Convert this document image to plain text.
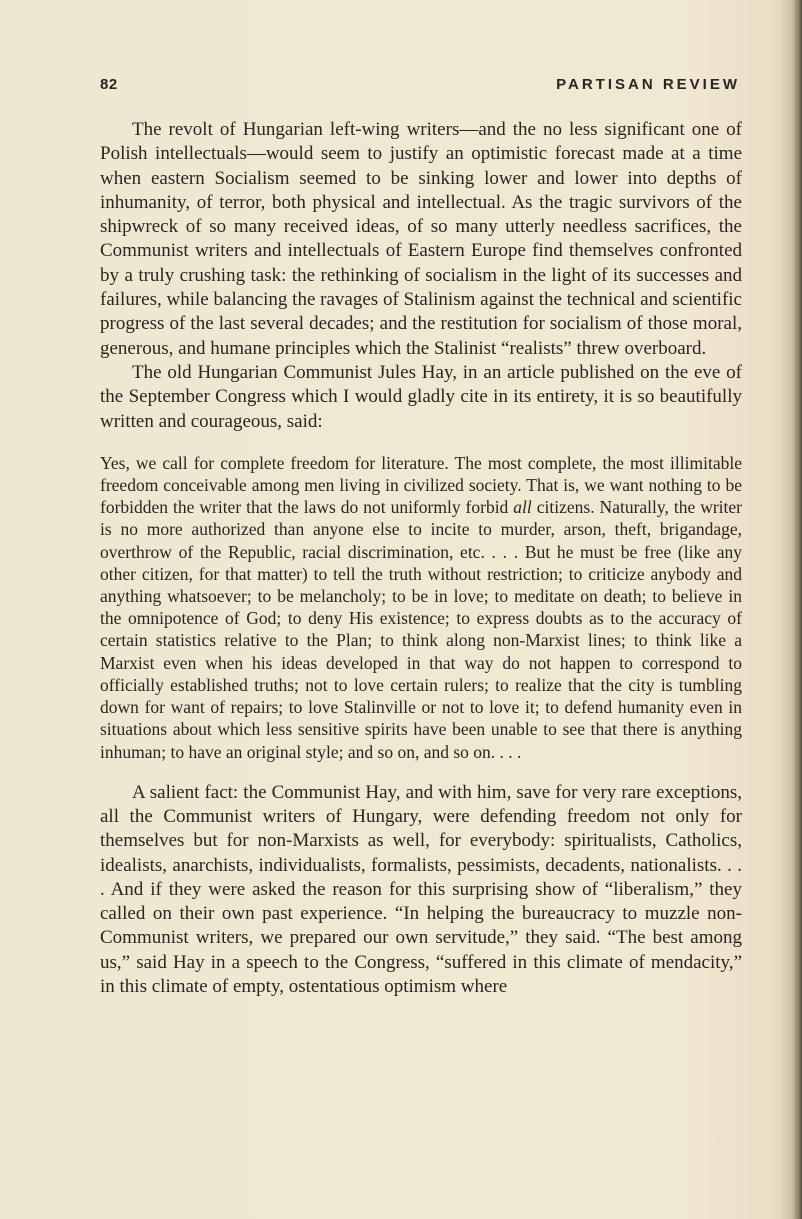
82	PARTISAN REVIEW

The revolt of Hungarian left-wing writers—and the no less significant one of Polish intellectuals—would seem to justify an optimistic forecast made at a time when eastern Socialism seemed to be sinking lower and lower into depths of inhumanity, of terror, both physical and intellectual. As the tragic survivors of the shipwreck of so many received ideas, of so many utterly needless sacrifices, the Communist writers and intellectuals of Eastern Europe find themselves confronted by a truly crushing task: the rethinking of socialism in the light of its successes and failures, while balancing the ravages of Stalinism against the technical and scientific progress of the last several decades; and the restitution for socialism of those moral, generous, and humane principles which the Stalinist “realists” threw overboard.

The old Hungarian Communist Jules Hay, in an article published on the eve of the September Congress which I would gladly cite in its entirety, it is so beautifully written and courageous, said:

Yes, we call for complete freedom for literature. The most complete, the most illimitable freedom conceivable among men living in civilized society. That is, we want nothing to be forbidden the writer that the laws do not uniformly forbid all citizens. Naturally, the writer is no more authorized than anyone else to incite to murder, arson, theft, brigandage, overthrow of the Republic, racial discrimination, etc. . . . But he must be free (like any other citizen, for that matter) to tell the truth without restriction; to criticize anybody and anything whatsoever; to be melancholy; to be in love; to meditate on death; to believe in the omnipotence of God; to deny His existence; to express doubts as to the accuracy of certain statistics relative to the Plan; to think along non-Marxist lines; to think like a Marxist even when his ideas developed in that way do not happen to correspond to officially established truths; not to love certain rulers; to realize that the city is tumbling down for want of repairs; to love Stalinville or not to love it; to defend humanity even in situations about which less sensitive spirits have been unable to see that there is anything inhuman; to have an original style; and so on, and so on. . . .

A salient fact: the Communist Hay, and with him, save for very rare exceptions, all the Communist writers of Hungary, were defending freedom not only for themselves but for non-Marxists as well, for everybody: spiritualists, Catholics, idealists, anarchists, individualists, formalists, pessimists, decadents, nationalists. . . . And if they were asked the reason for this surprising show of “liberalism,” they called on their own past experience. “In helping the bureaucracy to muzzle non-Communist writers, we prepared our own servitude,” they said. “The best among us,” said Hay in a speech to the Congress, “suffered in this climate of mendacity,” in this climate of empty, ostentatious optimism where
